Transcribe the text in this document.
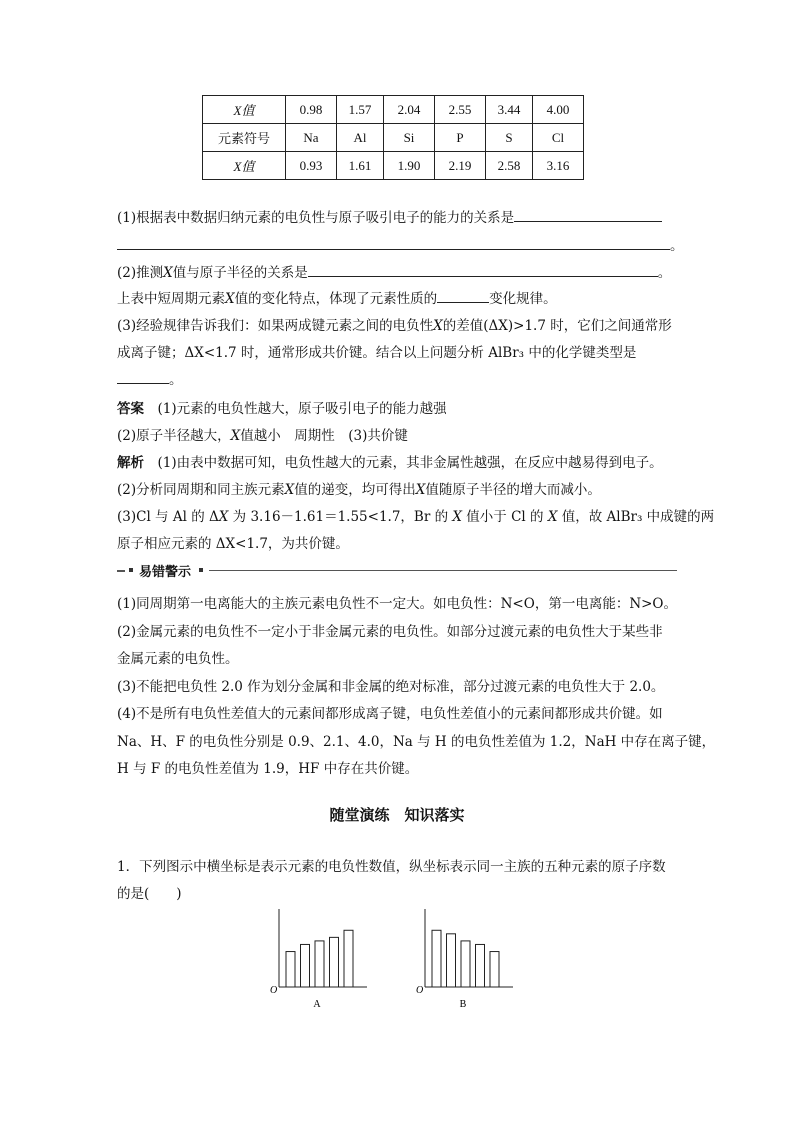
X值	0.98	1.57	2.04	2.55	3.44	4.00
元素符号	Na	Al	Si	P	S	Cl
X值	0.93	1.61	1.90	2.19	2.58	3.16
(1)根据表中数据归纳元素的电负性与原子吸引电子的能力的关系是
。
(2)推测X值与原子半径的关系是	。
上表中短周期元素X值的变化特点，体现了元素性质的	变化规律。
(3)经验规律告诉我们：如果两成键元素之间的电负性X的差值(ΔX)>1.7 时，它们之间通常形
成离子键；ΔX<1.7 时，通常形成共价键。结合以上问题分析 AlBr₃ 中的化学键类型是
。
答案  (1)元素的电负性越大，原子吸引电子的能力越强
(2)原子半径越大，X值越小　周期性　(3)共价键
解析  (1)由表中数据可知，电负性越大的元素，其非金属性越强，在反应中越易得到电子。
(2)分析同周期和同主族元素X值的递变，均可得出X值随原子半径的增大而减小。
(3)Cl 与 Al 的 ΔX 为 3.16－1.61＝1.55<1.7，Br 的 X 值小于 Cl 的 X 值，故 AlBr₃ 中成键的两
原子相应元素的 ΔX<1.7，为共价键。
易错警示
(1)同周期第一电离能大的主族元素电负性不一定大。如电负性：N<O，第一电离能：N>O。
(2)金属元素的电负性不一定小于非金属元素的电负性。如部分过渡元素的电负性大于某些非
金属元素的电负性。
(3)不能把电负性 2.0 作为划分金属和非金属的绝对标准，部分过渡元素的电负性大于 2.0。
(4)不是所有电负性差值大的元素间都形成离子键，电负性差值小的元素间都形成共价键。如
Na、H、F 的电负性分别是 0.9、2.1、4.0，Na 与 H 的电负性差值为 1.2，NaH 中存在离子键，
H 与 F 的电负性差值为 1.9，HF 中存在共价键。
随堂演练　知识落实
1．下列图示中横坐标是表示元素的电负性数值，纵坐标表示同一主族的五种元素的原子序数
的是(　　)
O
A
O
B
